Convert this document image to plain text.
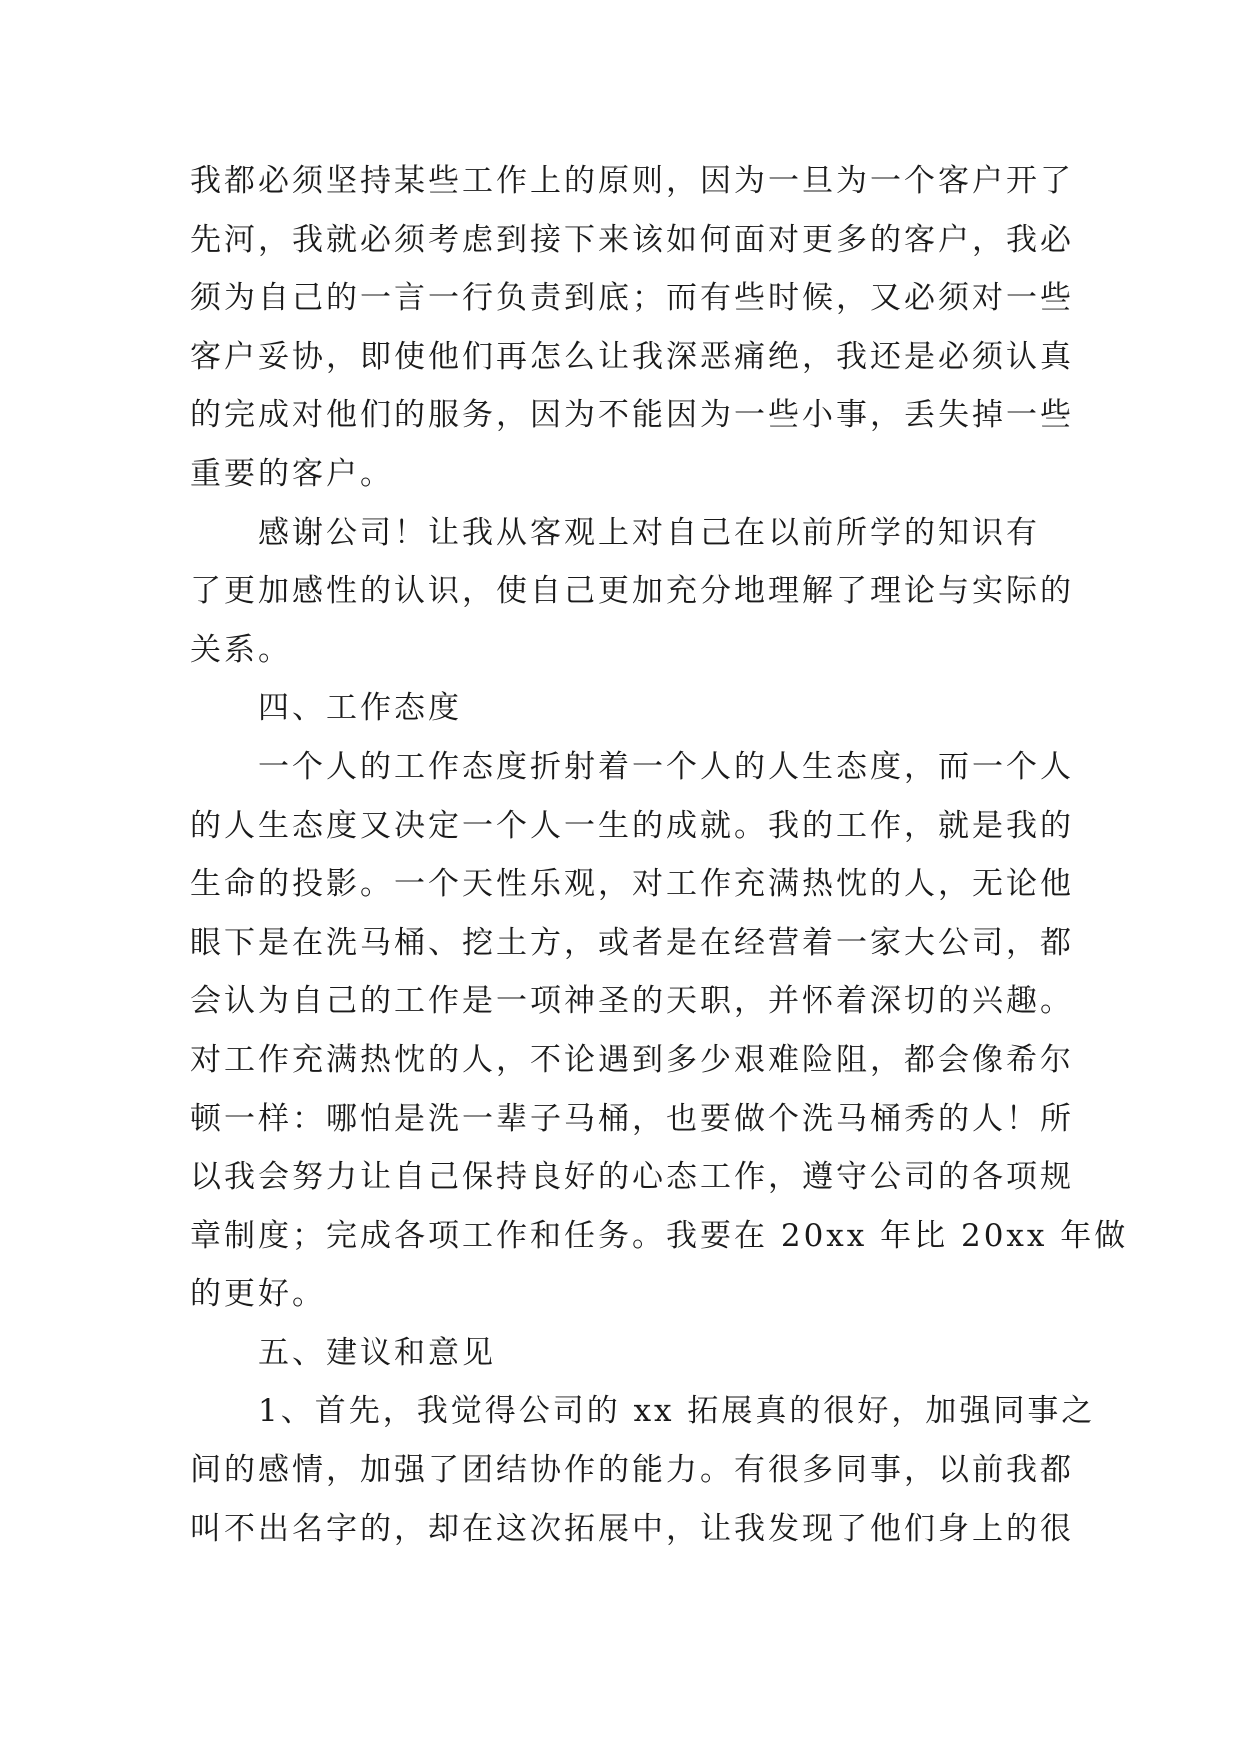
我都必须坚持某些工作上的原则，因为一旦为一个客户开了
先河，我就必须考虑到接下来该如何面对更多的客户，我必
须为自己的一言一行负责到底；而有些时候，又必须对一些
客户妥协，即使他们再怎么让我深恶痛绝，我还是必须认真
的完成对他们的服务，因为不能因为一些小事，丢失掉一些
重要的客户。
　　感谢公司！让我从客观上对自己在以前所学的知识有
了更加感性的认识，使自己更加充分地理解了理论与实际的
关系。
　　四、工作态度
　　一个人的工作态度折射着一个人的人生态度，而一个人
的人生态度又决定一个人一生的成就。我的工作，就是我的
生命的投影。一个天性乐观，对工作充满热忱的人，无论他
眼下是在洗马桶、挖土方，或者是在经营着一家大公司，都
会认为自己的工作是一项神圣的天职，并怀着深切的兴趣。
对工作充满热忱的人，不论遇到多少艰难险阻，都会像希尔
顿一样：哪怕是洗一辈子马桶，也要做个洗马桶秀的人！所
以我会努力让自己保持良好的心态工作，遵守公司的各项规
章制度；完成各项工作和任务。我要在 20xx 年比 20xx 年做
的更好。
　　五、建议和意见
　　1、首先，我觉得公司的 xx 拓展真的很好，加强同事之
间的感情，加强了团结协作的能力。有很多同事，以前我都
叫不出名字的，却在这次拓展中，让我发现了他们身上的很
